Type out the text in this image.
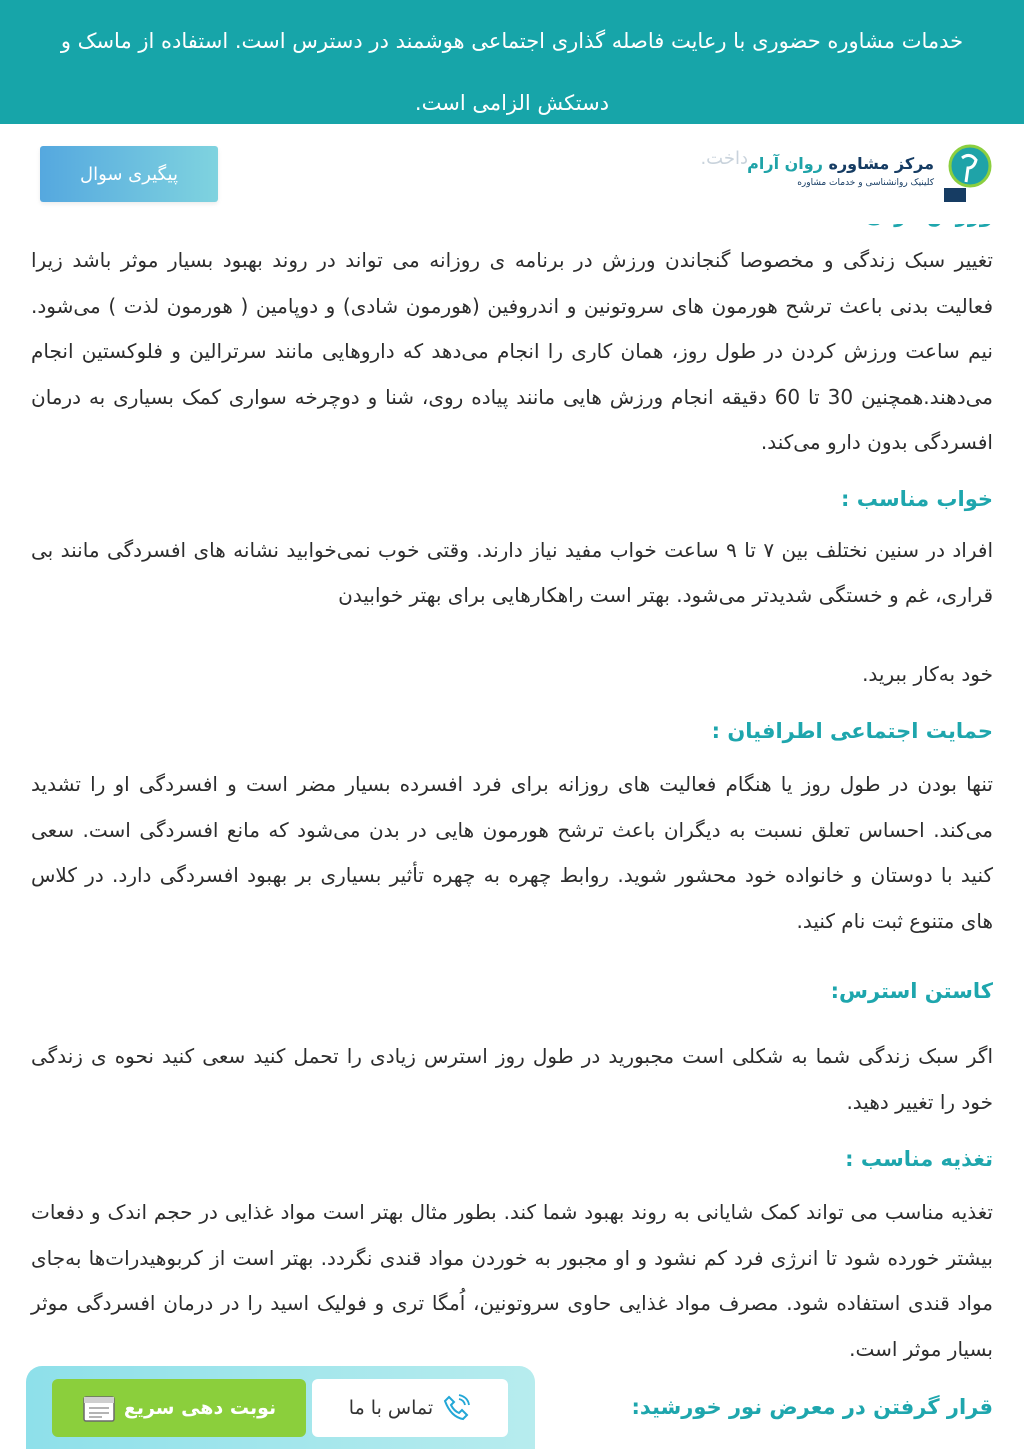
خدمات مشاوره حضوری با رعایت فاصله گذاری اجتماعی هوشمند در دسترس است. استفاده از ماسک و دستکش الزامی است.
داخت.
پیگیری سوال	مرکز مشاوره روان آرام
کلینیک روانشناسی و خدمات مشاوره

تغییر سبک زندگی و مخصوصا گنجاندن ورزش در برنامه ی روزانه می تواند در روند بهبود بسیار موثر باشد زیرا فعالیت بدنی باعث ترشح هورمون های سروتونین و اندروفین (هورمون شادی) و دوپامین ( هورمون لذت ) می‌شود. نیم ساعت ورزش کردن در طول روز، همان کاری را انجام می‌دهد که داروهایی مانند سرترالین و فلوکستین انجام می‌دهند.همچنین 30 تا 60 دقیقه انجام ورزش هایی مانند پیاده روی، شنا و دوچرخه سواری کمک بسیاری به درمان افسردگی بدون دارو می‌کند.

خواب مناسب :

افراد در سنین نختلف بین ۷ تا ۹ ساعت خواب مفید نیاز دارند. وقتی خوب نمی‌خوابید نشانه های افسردگی مانند بی قراری، غم و خستگی شدیدتر می‌شود. بهتر است راهکارهایی برای بهتر خوابیدن

خود به‌کار ببرید.

حمایت اجتماعی اطرافیان :

تنها بودن در طول روز یا هنگام فعالیت های روزانه برای فرد افسرده بسیار مضر است و افسردگی او را تشدید می‌کند. احساس تعلق نسبت به دیگران باعث ترشح هورمون هایی در بدن می‌شود که مانع افسردگی است. سعی کنید با دوستان و خانواده خود محشور شوید. روابط چهره به چهره تأثیر بسیاری بر بهبود افسردگی دارد. در کلاس های متنوع ثبت نام کنید.

کاستن استرس:

اگر سبک زندگی شما به شکلی است مجبورید در طول روز استرس زیادی را تحمل کنید سعی کنید نحوه ی زندگی خود را تغییر دهید.

تغذیه مناسب :

تغذیه مناسب می تواند کمک شایانی به روند بهبود شما کند. بطور مثال بهتر است مواد غذایی در حجم اندک و دفعات بیشتر خورده شود تا انرژی فرد کم نشود و او مجبور به خوردن مواد قندی نگردد. بهتر است از کربوهیدرات‌ها به‌جای مواد قندی استفاده شود. مصرف مواد غذایی حاوی سروتونین، اُمگا تری و فولیک اسید را در درمان افسردگی موثر بسیار موثر است.

قرار گرفتن در معرض نور خورشید:
نوبت دهی سریع	تماس با ما
